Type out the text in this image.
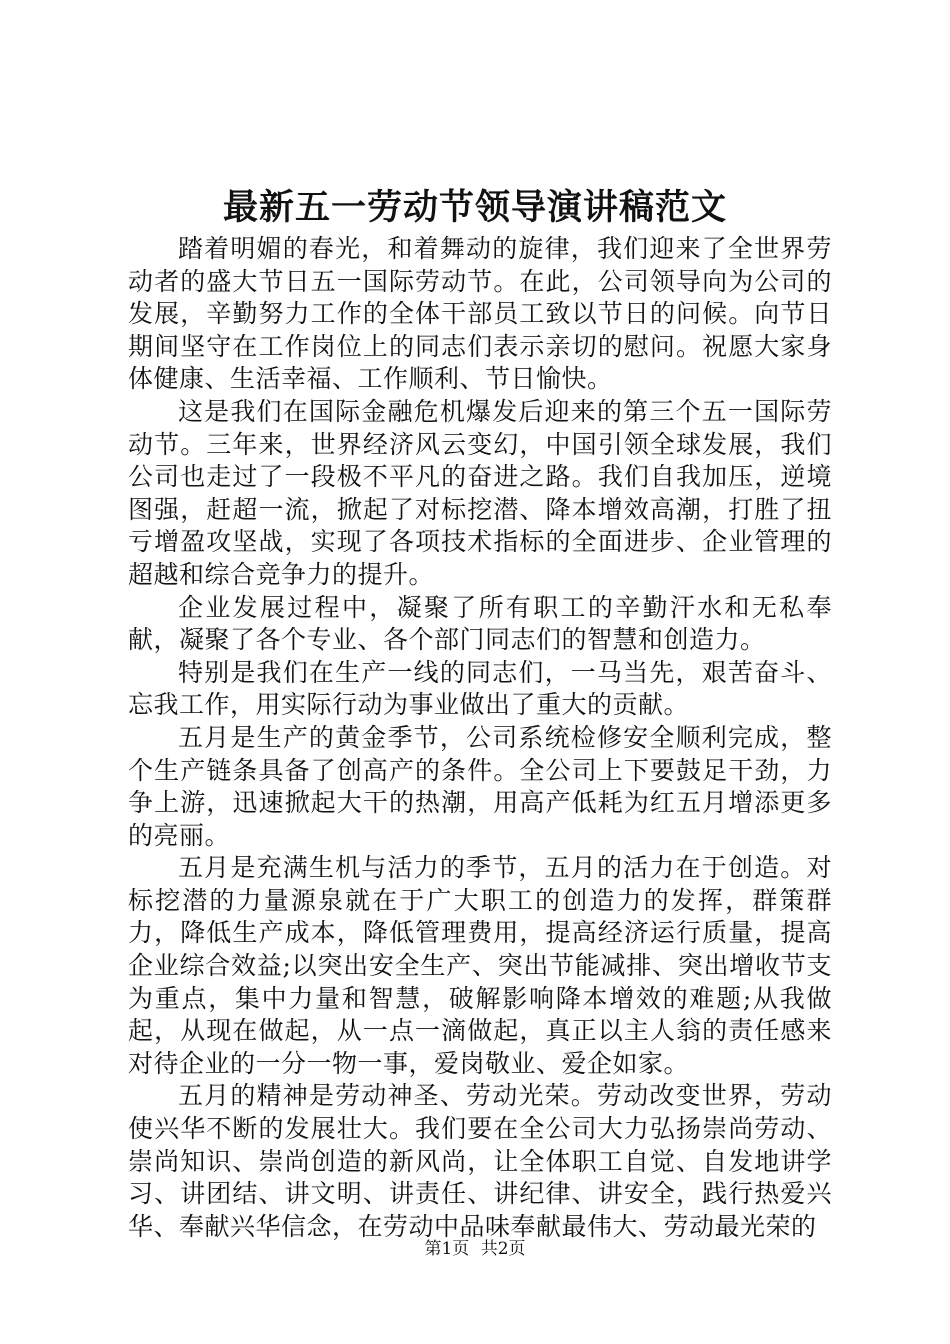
最新五一劳动节领导演讲稿范文

踏着明媚的春光，和着舞动的旋律，我们迎来了全世界劳动者的盛大节日五一国际劳动节。在此，公司领导向为公司的发展，辛勤努力工作的全体干部员工致以节日的问候。向节日期间坚守在工作岗位上的同志们表示亲切的慰问。祝愿大家身体健康、生活幸福、工作顺利、节日愉快。

这是我们在国际金融危机爆发后迎来的第三个五一国际劳动节。三年来，世界经济风云变幻，中国引领全球发展，我们公司也走过了一段极不平凡的奋进之路。我们自我加压，逆境图强，赶超一流，掀起了对标挖潜、降本增效高潮，打胜了扭亏增盈攻坚战，实现了各项技术指标的全面进步、企业管理的超越和综合竞争力的提升。

企业发展过程中，凝聚了所有职工的辛勤汗水和无私奉献，凝聚了各个专业、各个部门同志们的智慧和创造力。

特别是我们在生产一线的同志们，一马当先，艰苦奋斗、忘我工作，用实际行动为事业做出了重大的贡献。

五月是生产的黄金季节，公司系统检修安全顺利完成，整个生产链条具备了创高产的条件。全公司上下要鼓足干劲，力争上游，迅速掀起大干的热潮，用高产低耗为红五月增添更多的亮丽。

五月是充满生机与活力的季节，五月的活力在于创造。对标挖潜的力量源泉就在于广大职工的创造力的发挥，群策群力，降低生产成本，降低管理费用，提高经济运行质量，提高企业综合效益;以突出安全生产、突出节能减排、突出增收节支为重点，集中力量和智慧，破解影响降本增效的难题;从我做起，从现在做起，从一点一滴做起，真正以主人翁的责任感来对待企业的一分一物一事，爱岗敬业、爱企如家。

五月的精神是劳动神圣、劳动光荣。劳动改变世界，劳动使兴华不断的发展壮大。我们要在全公司大力弘扬崇尚劳动、崇尚知识、崇尚创造的新风尚，让全体职工自觉、自发地讲学习、讲团结、讲文明、讲责任、讲纪律、讲安全，践行热爱兴华、奉献兴华信念，在劳动中品味奉献最伟大、劳动最光荣的

第1页 共2页
